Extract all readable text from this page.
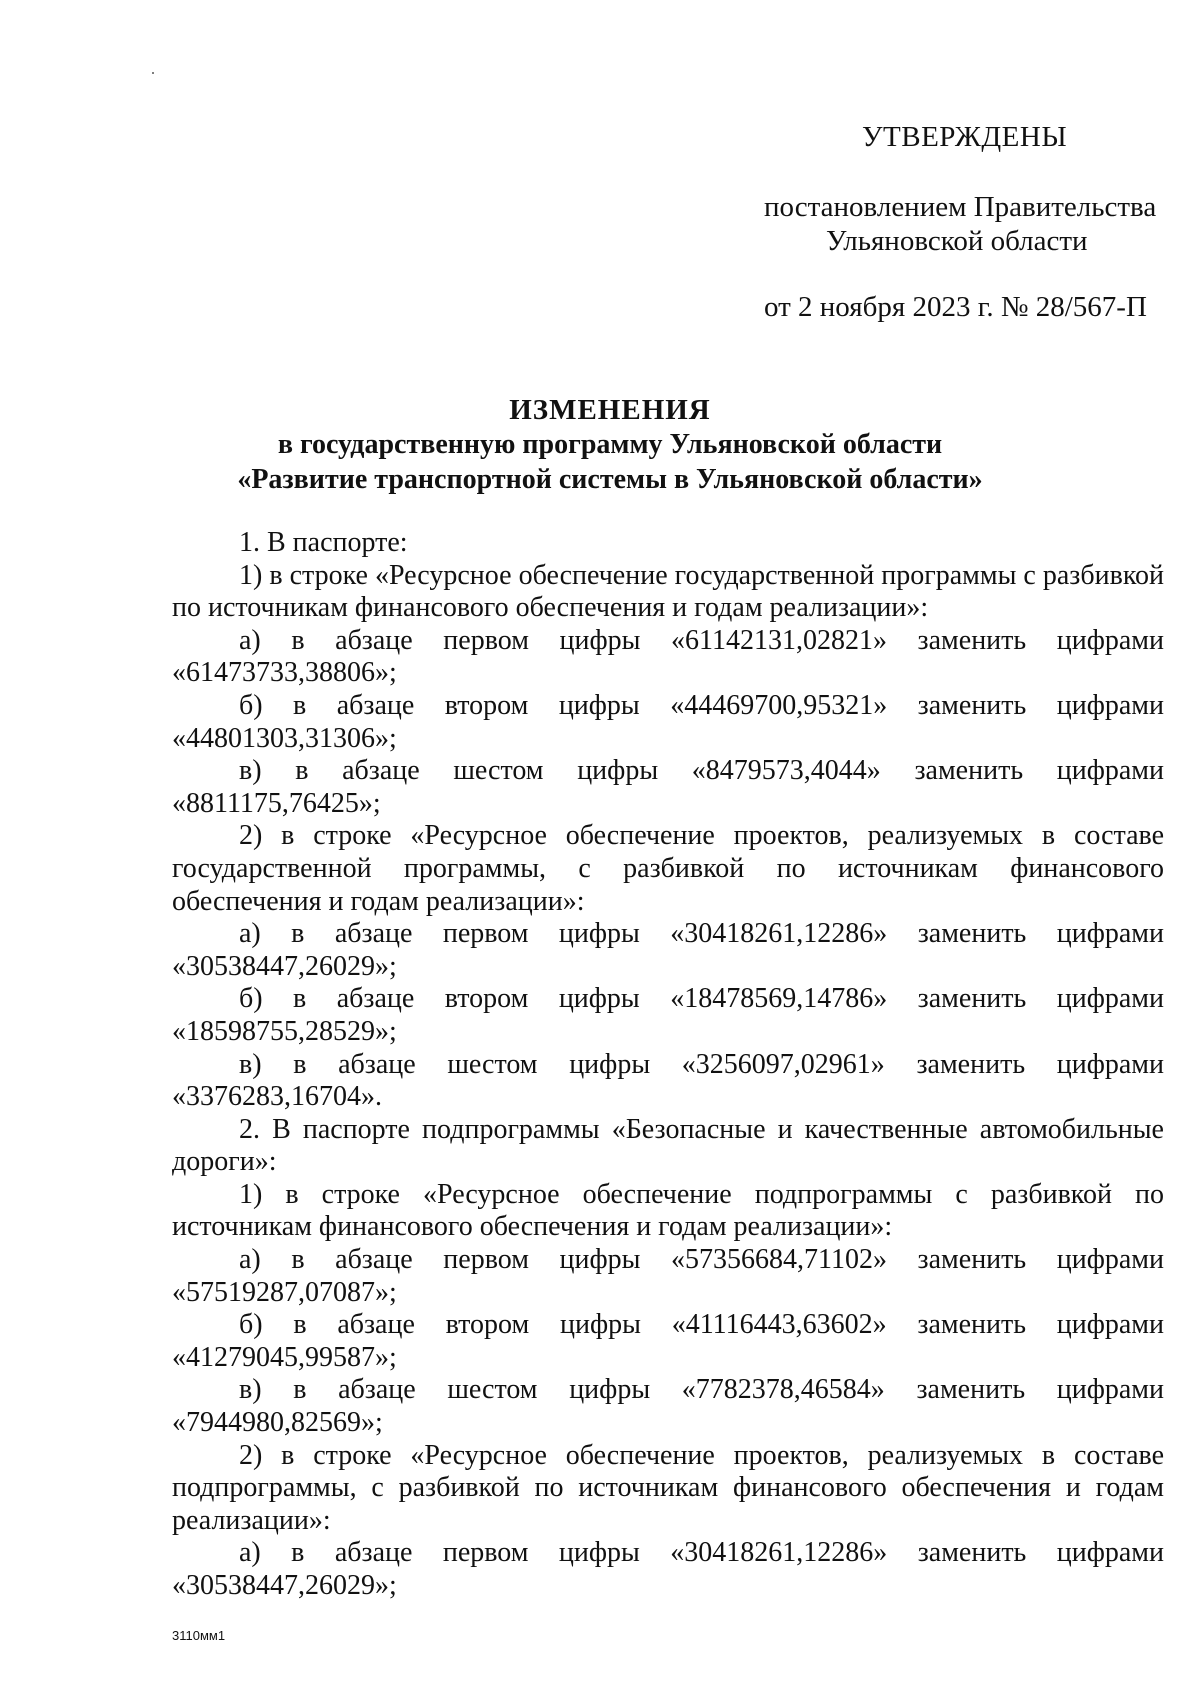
УТВЕРЖДЕНЫ
постановлением Правительства
Ульяновской области
от 2 ноября 2023 г. № 28/567-П
ИЗМЕНЕНИЯ
в государственную программу Ульяновской области
«Развитие транспортной системы в Ульяновской области»

1. В паспорте:

1) в строке «Ресурсное обеспечение государственной программы с разбивкой по источникам финансового обеспечения и годам реализации»:

а) в абзаце первом цифры «61142131,02821» заменить цифрами «61473733,38806»;

б) в абзаце втором цифры «44469700,95321» заменить цифрами «44801303,31306»;

в) в абзаце шестом цифры «8479573,4044» заменить цифрами «8811175,76425»;

2) в строке «Ресурсное обеспечение проектов, реализуемых в составе государственной программы, с разбивкой по источникам финансового обеспечения и годам реализации»:

а) в абзаце первом цифры «30418261,12286» заменить цифрами «30538447,26029»;

б) в абзаце втором цифры «18478569,14786» заменить цифрами «18598755,28529»;

в) в абзаце шестом цифры «3256097,02961» заменить цифрами «3376283,16704».

2. В паспорте подпрограммы «Безопасные и качественные автомобильные дороги»:

1) в строке «Ресурсное обеспечение подпрограммы с разбивкой по источникам финансового обеспечения и годам реализации»:

а) в абзаце первом цифры «57356684,71102» заменить цифрами «57519287,07087»;

б) в абзаце втором цифры «41116443,63602» заменить цифрами «41279045,99587»;

в) в абзаце шестом цифры «7782378,46584» заменить цифрами «7944980,82569»;

2) в строке «Ресурсное обеспечение проектов, реализуемых в составе подпрограммы, с разбивкой по источникам финансового обеспечения и годам реализации»:

а) в абзаце первом цифры «30418261,12286» заменить цифрами «30538447,26029»;

3110мм1
